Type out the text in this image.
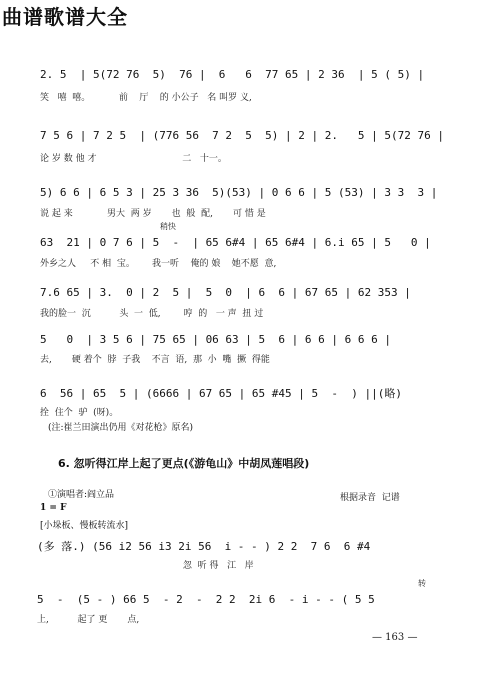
曲谱歌谱大全
2. 5  | 5(72 76  5)  76 |  6   6  77 65 | 2 36  | 5 ( 5) |
笑   嘻  嘻。          前    厅    的 小公子   名 叫罗 义,
7 5 6 | 7 2 5  | (776 56  7 2  5  5) | 2 | 2.   5 | 5(72 76 |
论 岁 数 他 才                              二   十一。
5) 6 6 | 6 5 3 | 25 3 36  5)(53) | 0 6 6 | 5 (53) | 3 3  3 |
说 起 来            男大  两 岁       也  般  配,       可 惜 是
稍快
63  21 | 0 7 6 | 5  -  | 65 6#4 | 65 6#4 | 6.i 65 | 5   0 |
外乡之人     不 相  宝。      我一听    俺的 娘    她不愿  意,
7.6 65 | 3.  0 | 2  5 |  5  0  | 6  6 | 67 65 | 62 353 |
我的脸一  沉          头  一  低,        哼  的   一 声  扭 过
5   0  | 3 5 6 | 75 65 | 06 63 | 5  6 | 6 6 | 6 6 6 |
去,       硬 着个  脖  子我    不言  语,  那  小  嘴  撅  得能
6  56 | 65  5 | (6666 | 67 65 | 65 #45 | 5  -  ) ||(略)
拴  住个  驴  (呀)。
(注:崔兰田演出仍用《对花枪》原名)
6. 忽听得江岸上起了更点(《游龟山》中胡凤莲唱段)
①演唱者:阎立品	根据录音  记谱
1 = F
[小垛板、慢板转流水]
(多 落.) (56 i2 56 i3 2i 56  i - - ) 2 2  7 6  6 #4
忽  听 得   江   岸
转
5  -  (5 - ) 66 5  - 2  -  2 2  2i 6  - i - - ( 5 5
上,          起了 更       点,
— 163 —
